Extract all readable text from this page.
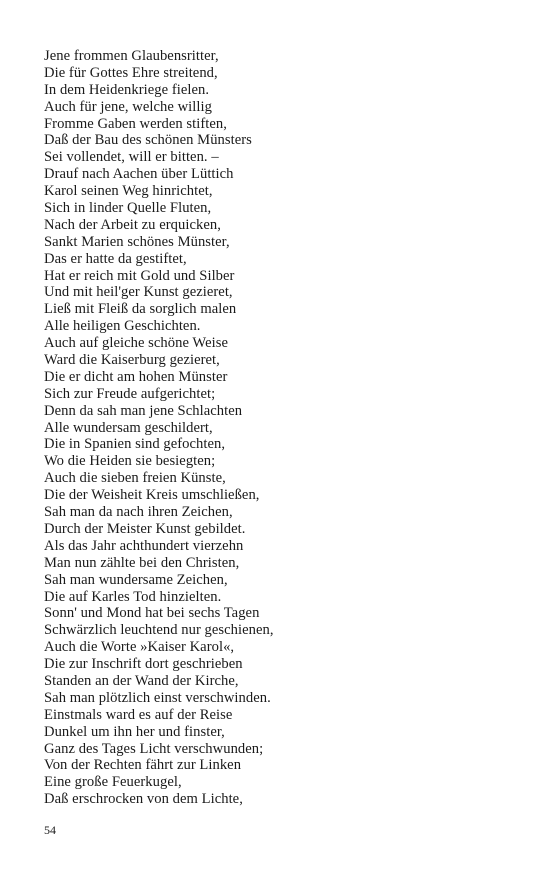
Jene frommen Glaubensritter,
Die für Gottes Ehre streitend,
In dem Heidenkriege fielen.
Auch für jene, welche willig
Fromme Gaben werden stiften,
Daß der Bau des schönen Münsters
Sei vollendet, will er bitten. –
Drauf nach Aachen über Lüttich
Karol seinen Weg hinrichtet,
Sich in linder Quelle Fluten,
Nach der Arbeit zu erquicken,
Sankt Marien schönes Münster,
Das er hatte da gestiftet,
Hat er reich mit Gold und Silber
Und mit heil'ger Kunst gezieret,
Ließ mit Fleiß da sorglich malen
Alle heiligen Geschichten.
Auch auf gleiche schöne Weise
Ward die Kaiserburg gezieret,
Die er dicht am hohen Münster
Sich zur Freude aufgerichtet;
Denn da sah man jene Schlachten
Alle wundersam geschildert,
Die in Spanien sind gefochten,
Wo die Heiden sie besiegten;
Auch die sieben freien Künste,
Die der Weisheit Kreis umschließen,
Sah man da nach ihren Zeichen,
Durch der Meister Kunst gebildet.
Als das Jahr achthundert vierzehn
Man nun zählte bei den Christen,
Sah man wundersame Zeichen,
Die auf Karles Tod hinzielten.
Sonn' und Mond hat bei sechs Tagen
Schwärzlich leuchtend nur geschienen,
Auch die Worte »Kaiser Karol«,
Die zur Inschrift dort geschrieben
Standen an der Wand der Kirche,
Sah man plötzlich einst verschwinden.
Einstmals ward es auf der Reise
Dunkel um ihn her und finster,
Ganz des Tages Licht verschwunden;
Von der Rechten fährt zur Linken
Eine große Feuerkugel,
Daß erschrocken von dem Lichte,
54
